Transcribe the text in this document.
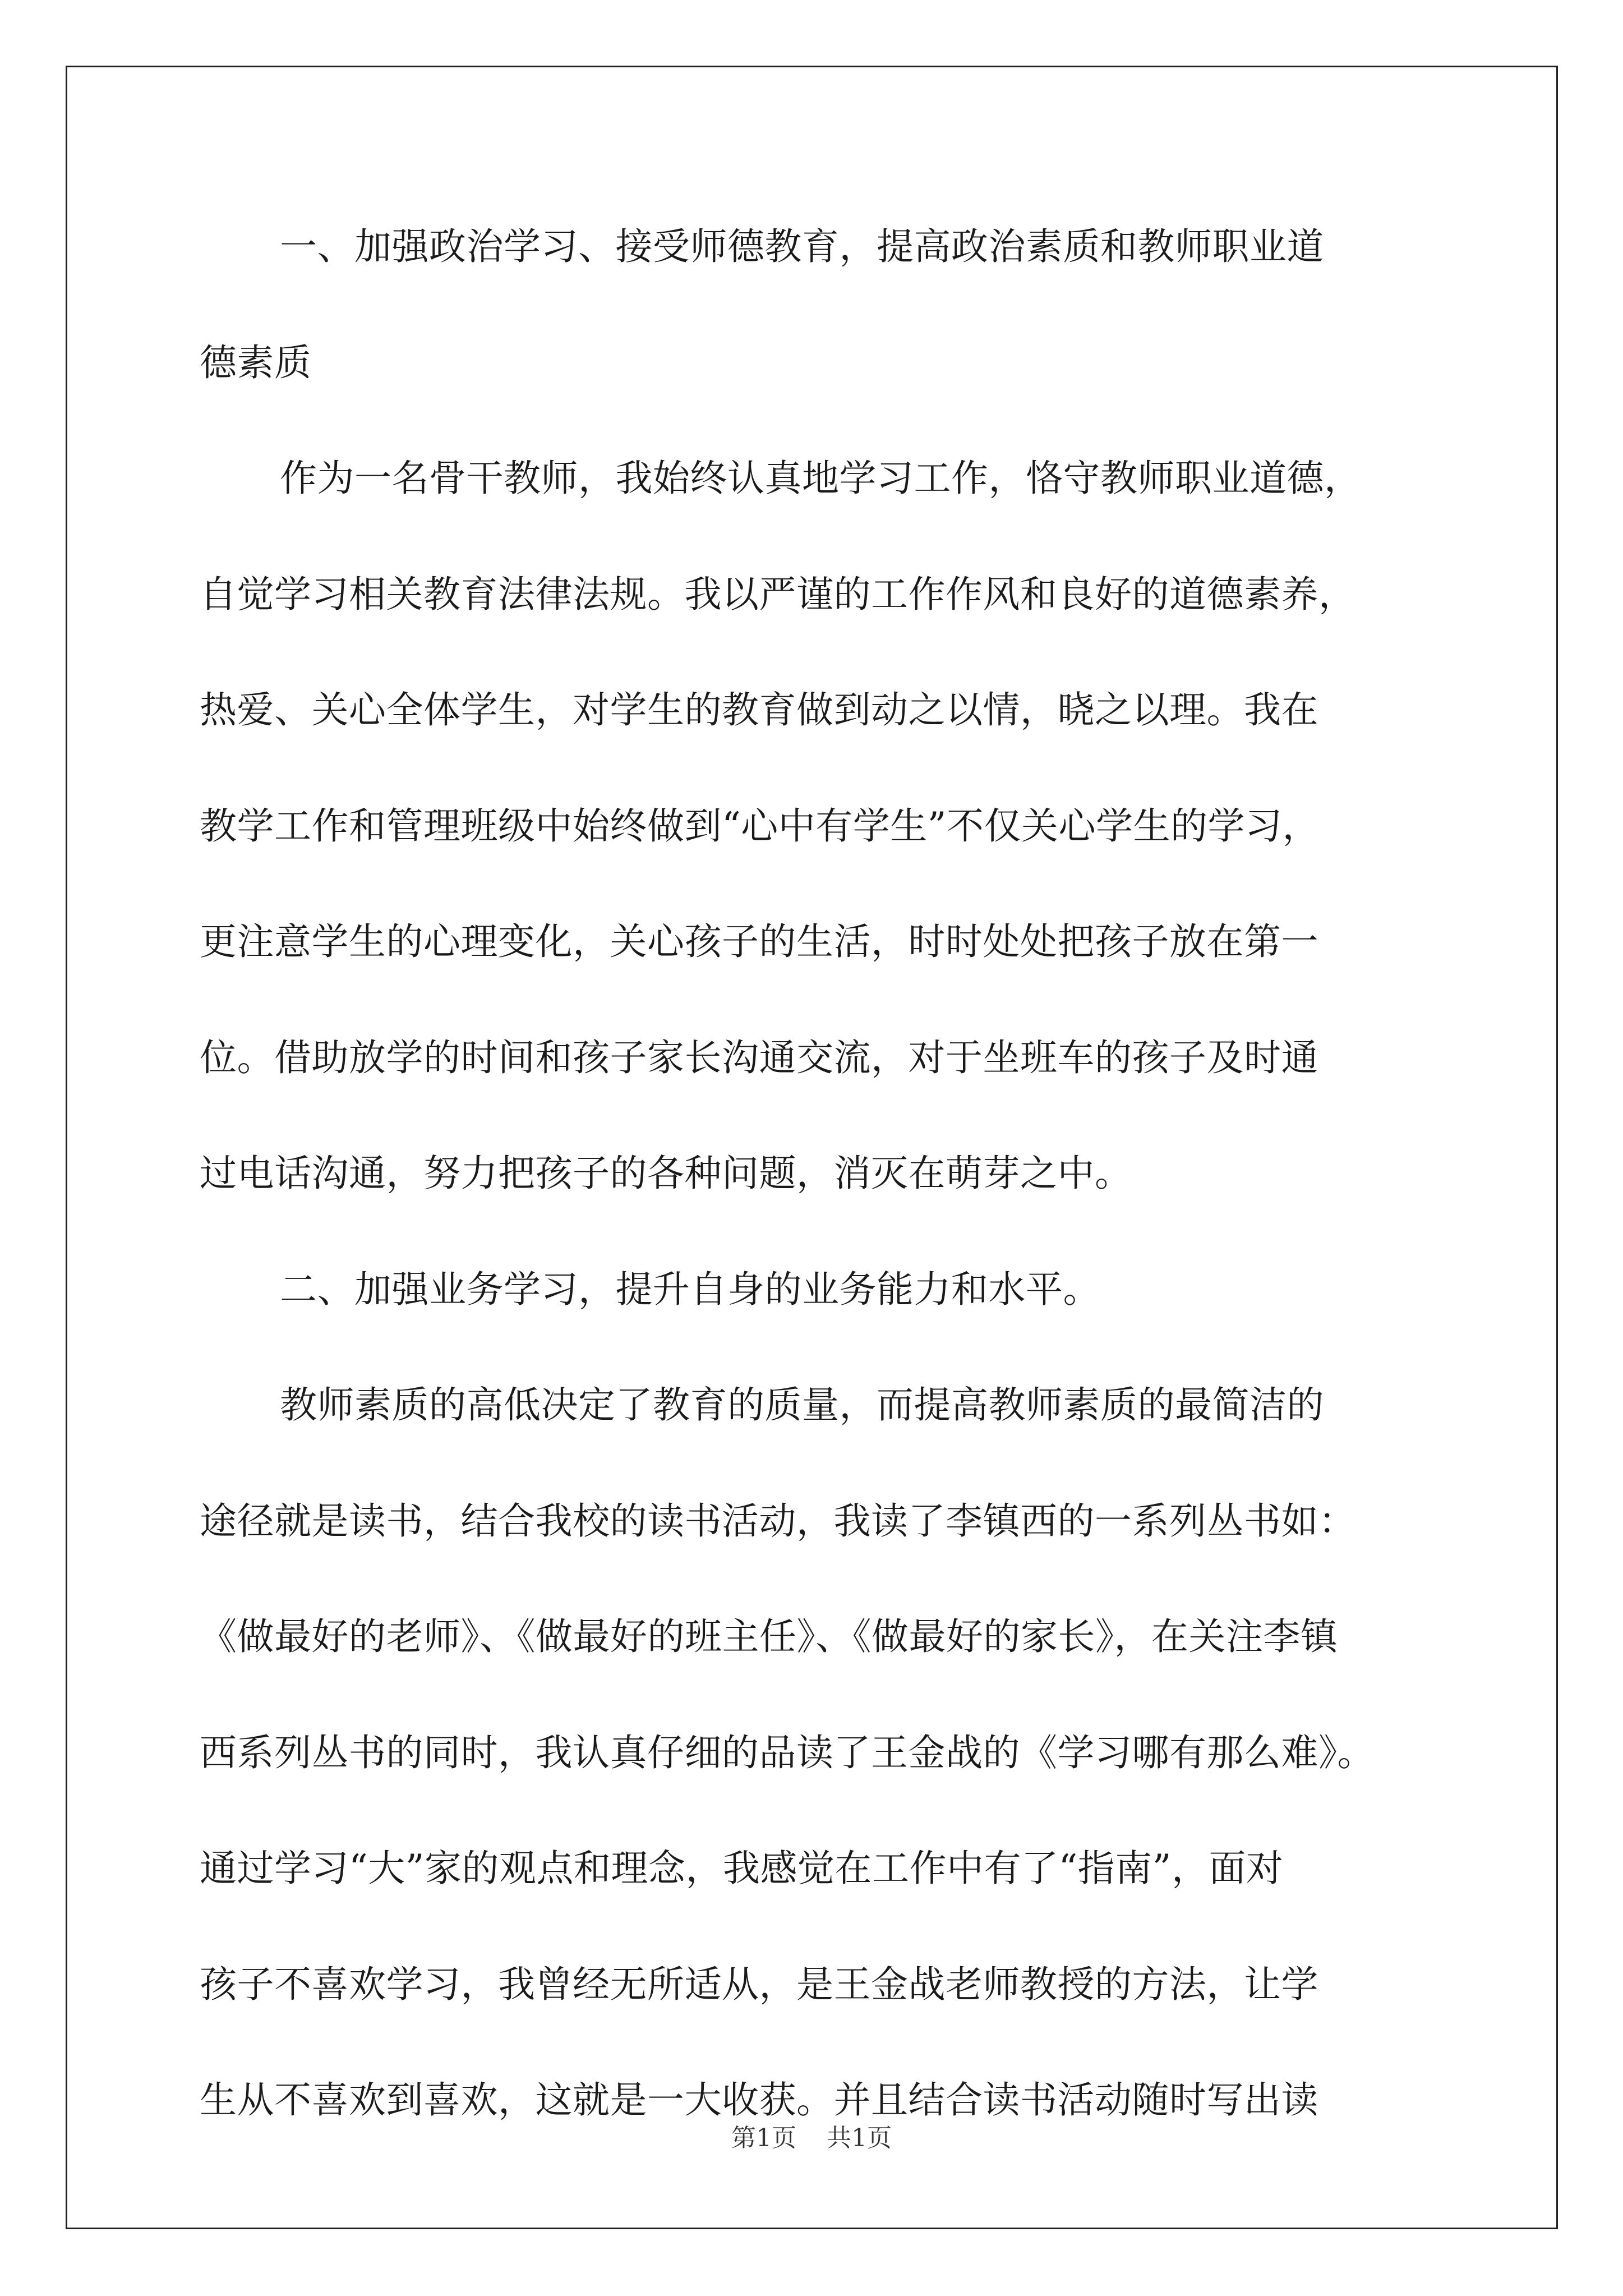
一、加强政治学习、接受师德教育，提高政治素质和教师职业道
德素质
作为一名骨干教师，我始终认真地学习工作，恪守教师职业道德，
自觉学习相关教育法律法规。我以严谨的工作作风和良好的道德素养，
热爱、关心全体学生，对学生的教育做到动之以情，晓之以理。我在
教学工作和管理班级中始终做到“心中有学生”不仅关心学生的学习，
更注意学生的心理变化，关心孩子的生活，时时处处把孩子放在第一
位。借助放学的时间和孩子家长沟通交流，对于坐班车的孩子及时通
过电话沟通，努力把孩子的各种问题，消灭在萌芽之中。
二、加强业务学习，提升自身的业务能力和水平。
教师素质的高低决定了教育的质量，而提高教师素质的最简洁的
途径就是读书，结合我校的读书活动，我读了李镇西的一系列丛书如：
《做最好的老师》、《做最好的班主任》、《做最好的家长》，在关注李镇
西系列丛书的同时，我认真仔细的品读了王金战的《学习哪有那么难》。
通过学习“大”家的观点和理念，我感觉在工作中有了“指南”，面对
孩子不喜欢学习，我曾经无所适从，是王金战老师教授的方法，让学
生从不喜欢到喜欢，这就是一大收获。并且结合读书活动随时写出读
第1页 共1页
